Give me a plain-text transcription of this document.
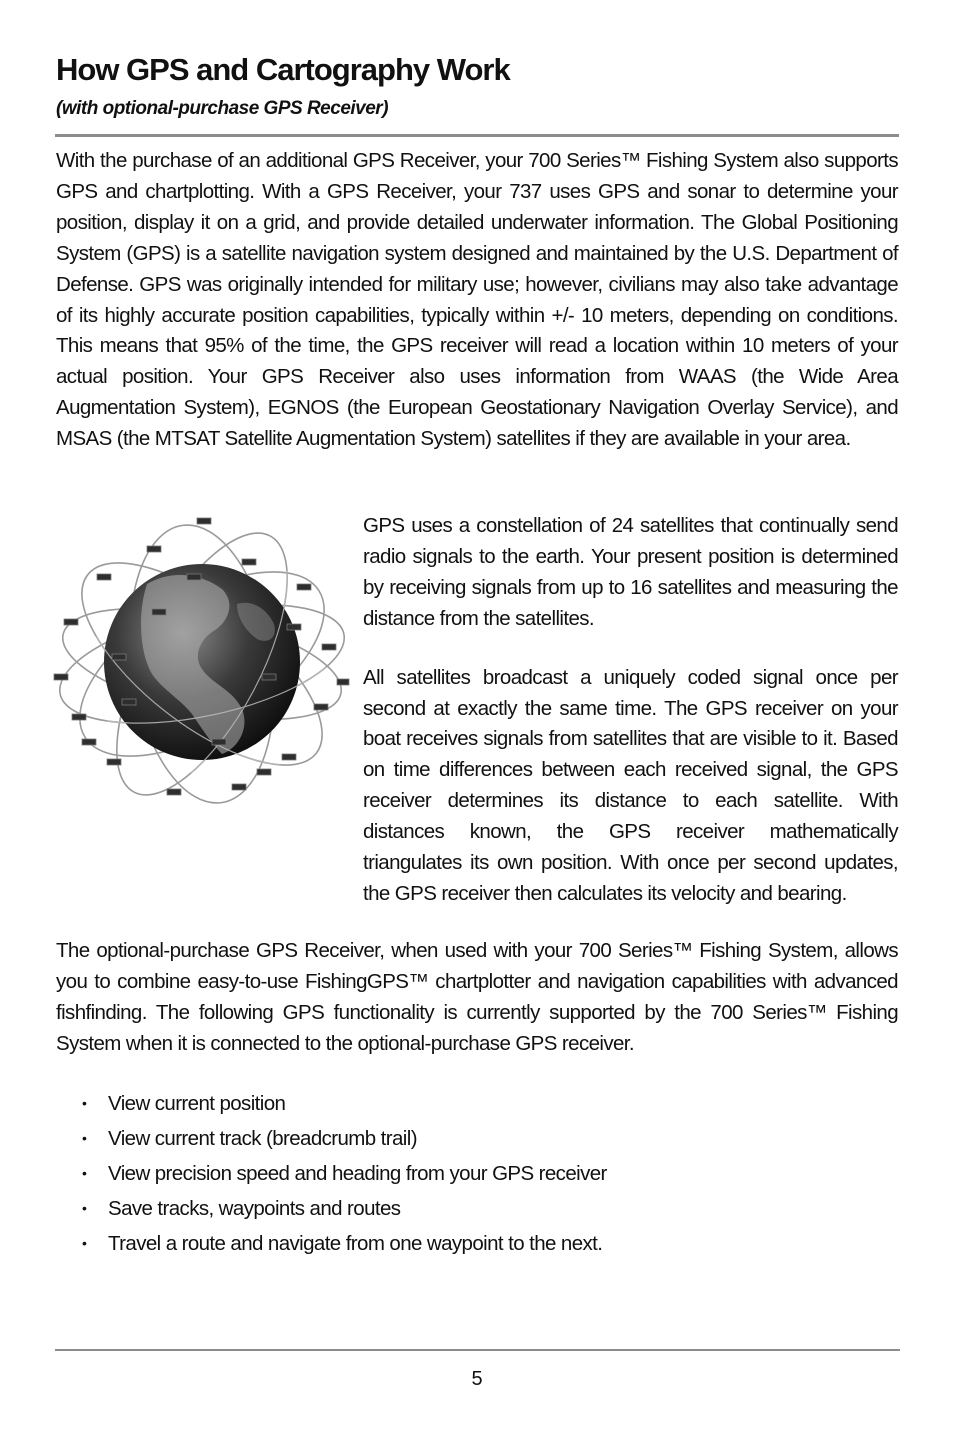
How GPS and Cartography Work
(with optional-purchase GPS Receiver)

With the purchase of an additional GPS Receiver, your 700 Series™ Fishing System also supports GPS and chartplotting. With a GPS Receiver, your 737 uses GPS and sonar to determine your position, display it on a grid, and provide detailed underwater information. The Global Positioning System (GPS) is a satellite navigation system designed and maintained by the U.S. Department of Defense. GPS was originally intended for military use; however, civilians may also take advantage of its highly accurate position capabilities, typically within +/- 10 meters, depending on conditions. This means that 95% of the time, the GPS receiver will read a location within 10 meters of your actual position. Your GPS Receiver also uses information from WAAS (the Wide Area Augmentation System), EGNOS (the European Geostationary Navigation Overlay Service), and MSAS (the MTSAT Satellite Augmentation System) satellites if they are available in your area.

GPS uses a constellation of 24 satellites that continually send radio signals to the earth. Your present position is determined by receiving signals from up to 16 satellites and measuring the distance from the satellites.

All satellites broadcast a uniquely coded signal once per second at exactly the same time. The GPS receiver on your boat receives signals from satellites that are visible to it. Based on time differences between each received signal, the GPS receiver determines its distance to each satellite. With distances known, the GPS receiver mathematically triangulates its own position. With once per second updates, the GPS receiver then calculates its velocity and bearing.

The optional-purchase GPS Receiver, when used with your 700 Series™ Fishing System, allows you to combine easy-to-use FishingGPS™ chartplotter and navigation capabilities with advanced fishfinding. The following GPS functionality is currently supported by the 700 Series™ Fishing System when it is connected to the optional-purchase GPS receiver.

•	View current position
•	View current track (breadcrumb trail)
•	View precision speed and heading from your GPS receiver
•	Save tracks, waypoints and routes
•	Travel a route and navigate from one waypoint to the next.
5
